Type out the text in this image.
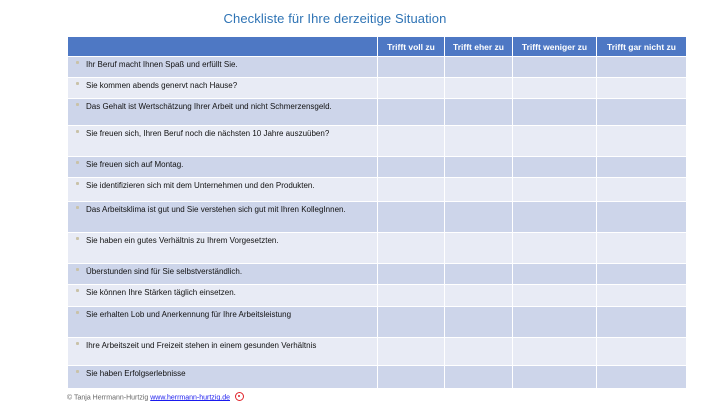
Checkliste für Ihre derzeitige Situation
	Trifft voll zu	Trifft eher zu	Trifft weniger zu	Trifft gar nicht zu

Ihr Beruf macht Ihnen Spaß und erfüllt Sie.				

Sie kommen abends genervt nach Hause?				

Das Gehalt ist Wertschätzung Ihrer Arbeit und nicht Schmerzensgeld.				

Sie freuen sich, Ihren Beruf noch die nächsten 10 Jahre auszuüben?				

Sie freuen sich auf Montag.				

Sie identifizieren sich mit dem Unternehmen und den Produkten.				

Das Arbeitsklima ist gut und Sie verstehen sich gut mit Ihren KollegInnen.				

Sie haben ein gutes Verhältnis zu Ihrem Vorgesetzten.				

Überstunden sind für Sie selbstverständlich.				

Sie können Ihre Stärken täglich einsetzen.				

Sie erhalten Lob und Anerkennung für Ihre Arbeitsleistung				

Ihre Arbeitszeit und Freizeit stehen in einem gesunden Verhältnis				

Sie haben Erfolgserlebnisse				
© Tanja Herrmann-Hurtzig www.herrmann-hurtzig.de
